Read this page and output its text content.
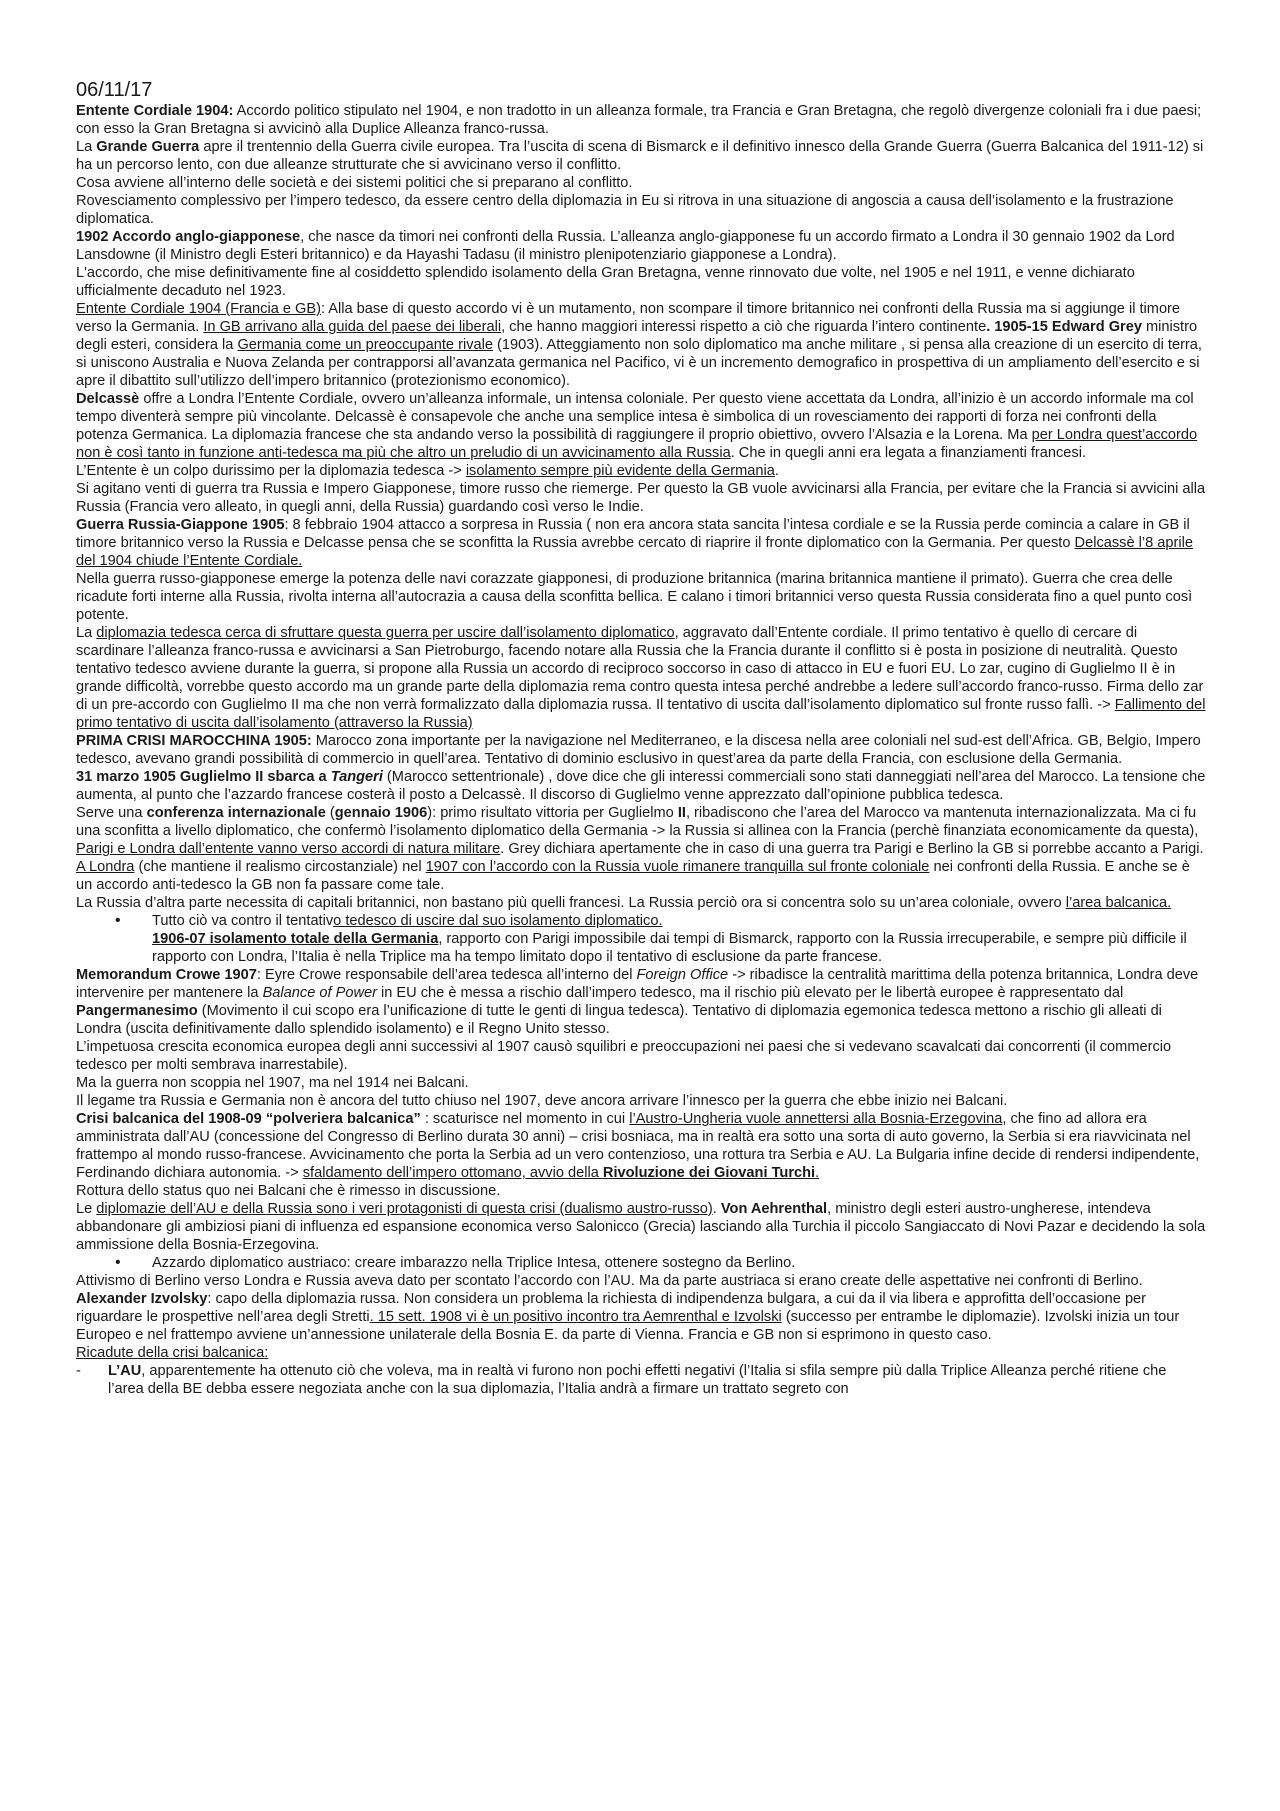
06/11/17

Entente Cordiale 1904: Accordo politico stipulato nel 1904, e non tradotto in un alleanza formale, tra Francia e Gran Bretagna, che regolò divergenze coloniali fra i due paesi; con esso la Gran Bretagna si avvicinò alla Duplice Alleanza franco-russa.

La Grande Guerra apre il trentennio della Guerra civile europea. Tra l’uscita di scena di Bismarck e il definitivo innesco della Grande Guerra (Guerra Balcanica del 1911-12) si ha un percorso lento, con due alleanze strutturate che si avvicinano verso il conflitto.

Cosa avviene all’interno delle società e dei sistemi politici che si preparano al conflitto.

Rovesciamento complessivo per l’impero tedesco, da essere centro della diplomazia in Eu si ritrova in una situazione di angoscia a causa dell’isolamento e la frustrazione diplomatica.

1902 Accordo anglo-giapponese, che nasce da timori nei confronti della Russia. L’alleanza anglo-giapponese fu un accordo firmato a Londra il 30 gennaio 1902 da Lord Lansdowne (il Ministro degli Esteri britannico) e da Hayashi Tadasu (il ministro plenipotenziario giapponese a Londra).

L'accordo, che mise definitivamente fine al cosiddetto splendido isolamento della Gran Bretagna, venne rinnovato due volte, nel 1905 e nel 1911, e venne dichiarato ufficialmente decaduto nel 1923.

Entente Cordiale 1904 (Francia e GB): Alla base di questo accordo vi è un mutamento, non scompare il timore britannico nei confronti della Russia ma si aggiunge il timore verso la Germania. In GB arrivano alla guida del paese dei liberali, che hanno maggiori interessi rispetto a ciò che riguarda l’intero continente. 1905-15 Edward Grey ministro degli esteri, considera la Germania come un preoccupante rivale (1903). Atteggiamento non solo diplomatico ma anche militare , si pensa alla creazione di un esercito di terra, si uniscono Australia e Nuova Zelanda per contrapporsi all’avanzata germanica nel Pacifico, vi è un incremento demografico in prospettiva di un ampliamento dell’esercito e si apre il dibattito sull’utilizzo dell’impero britannico (protezionismo economico).

Delcassè offre a Londra l’Entente Cordiale, ovvero un’alleanza informale, un intensa coloniale. Per questo viene accettata da Londra, all’inizio è un accordo informale ma col tempo diventerà sempre più vincolante. Delcassè è consapevole che anche una semplice intesa è simbolica di un rovesciamento dei rapporti di forza nei confronti della potenza Germanica. La diplomazia francese che sta andando verso la possibilità di raggiungere il proprio obiettivo, ovvero l’Alsazia e la Lorena. Ma per Londra quest’accordo non è così tanto in funzione anti-tedesca ma più che altro un preludio di un avvicinamento alla Russia. Che in quegli anni era legata a finanziamenti francesi.

L’Entente è un colpo durissimo per la diplomazia tedesca -> isolamento sempre più evidente della Germania.

Si agitano venti di guerra tra Russia e Impero Giapponese, timore russo che riemerge. Per questo la GB vuole avvicinarsi alla Francia, per evitare che la Francia si avvicini alla Russia (Francia vero alleato, in quegli anni, della Russia) guardando così verso le Indie.

Guerra Russia-Giappone 1905: 8 febbraio 1904 attacco a sorpresa in Russia ( non era ancora stata sancita l’intesa cordiale e se la Russia perde comincia a calare in GB il timore britannico verso la Russia e Delcasse pensa che se sconfitta la Russia avrebbe cercato di riaprire il fronte diplomatico con la Germania. Per questo Delcassè l’8 aprile del 1904 chiude l’Entente Cordiale.

Nella guerra russo-giapponese emerge la potenza delle navi corazzate giapponesi, di produzione britannica (marina britannica mantiene il primato). Guerra che crea delle ricadute forti interne alla Russia, rivolta interna all’autocrazia a causa della sconfitta bellica. E calano i timori britannici verso questa Russia considerata fino a quel punto così potente.

La diplomazia tedesca cerca di sfruttare questa guerra per uscire dall’isolamento diplomatico, aggravato dall’Entente cordiale. Il primo tentativo è quello di cercare di scardinare l’alleanza franco-russa e avvicinarsi a San Pietroburgo, facendo notare alla Russia che la Francia durante il conflitto si è posta in posizione di neutralità. Questo tentativo tedesco avviene durante la guerra, si propone alla Russia un accordo di reciproco soccorso in caso di attacco in EU e fuori EU. Lo zar, cugino di Guglielmo II è in grande difficoltà, vorrebbe questo accordo ma un grande parte della diplomazia rema contro questa intesa perché andrebbe a ledere sull’accordo franco-russo. Firma dello zar di un pre-accordo con Guglielmo II ma che non verrà formalizzato dalla diplomazia russa. Il tentativo di uscita dall’isolamento diplomatico sul fronte russo fallì. -> Fallimento del primo tentativo di uscita dall’isolamento (attraverso la Russia)

PRIMA CRISI MAROCCHINA 1905: Marocco zona importante per la navigazione nel Mediterraneo, e la discesa nella aree coloniali nel sud-est dell’Africa. GB, Belgio, Impero tedesco, avevano grandi possibilità di commercio in quell’area. Tentativo di dominio esclusivo in quest’area da parte della Francia, con esclusione della Germania.

31 marzo 1905 Guglielmo II sbarca a Tangeri (Marocco settentrionale) , dove dice che gli interessi commerciali sono stati danneggiati nell’area del Marocco. La tensione che aumenta, al punto che l’azzardo francese costerà il posto a Delcassè. Il discorso di Guglielmo venne apprezzato dall’opinione pubblica tedesca.

Serve una conferenza internazionale (gennaio 1906): primo risultato vittoria per Guglielmo II, ribadiscono che l’area del Marocco va mantenuta internazionalizzata. Ma ci fu una sconfitta a livello diplomatico, che confermò l’isolamento diplomatico della Germania -> la Russia si allinea con la Francia (perchè finanziata economicamente da questa), Parigi e Londra dall’entente vanno verso accordi di natura militare. Grey dichiara apertamente che in caso di una guerra tra Parigi e Berlino la GB si porrebbe accanto a Parigi.

A Londra (che mantiene il realismo circostanziale) nel 1907 con l’accordo con la Russia vuole rimanere tranquilla sul fronte coloniale nei confronti della Russia. E anche se è un accordo anti-tedesco la GB non fa passare come tale.

La Russia d’altra parte necessita di capitali britannici, non bastano più quelli francesi. La Russia perciò ora si concentra solo su un’area coloniale, ovvero l’area balcanica.

• Tutto ciò va contro il tentativo tedesco di uscire dal suo isolamento diplomatico.
1906-07 isolamento totale della Germania, rapporto con Parigi impossibile dai tempi di Bismarck, rapporto con la Russia irrecuperabile, e sempre più difficile il rapporto con Londra, l’Italia è nella Triplice ma ha tempo limitato dopo il tentativo di esclusione da parte francese.

Memorandum Crowe 1907: Eyre Crowe responsabile dell’area tedesca all’interno del Foreign Office -> ribadisce la centralità marittima della potenza britannica, Londra deve intervenire per mantenere la Balance of Power in EU che è messa a rischio dall’impero tedesco, ma il rischio più elevato per le libertà europee è rappresentato dal Pangermanesimo (Movimento il cui scopo era l’unificazione di tutte le genti di lingua tedesca). Tentativo di diplomazia egemonica tedesca mettono a rischio gli alleati di Londra (uscita definitivamente dallo splendido isolamento) e il Regno Unito stesso.

L’impetuosa crescita economica europea degli anni successivi al 1907 causò squilibri e preoccupazioni nei paesi che si vedevano scavalcati dai concorrenti (il commercio tedesco per molti sembrava inarrestabile).

Ma la guerra non scoppia nel 1907, ma nel 1914 nei Balcani.

Il legame tra Russia e Germania non è ancora del tutto chiuso nel 1907, deve ancora arrivare l’innesco per la guerra che ebbe inizio nei Balcani.

Crisi balcanica del 1908-09 “polveriera balcanica” : scaturisce nel momento in cui l’Austro-Ungheria vuole annettersi alla Bosnia-Erzegovina, che fino ad allora era amministrata dall’AU (concessione del Congresso di Berlino durata 30 anni) – crisi bosniaca, ma in realtà era sotto una sorta di auto governo, la Serbia si era riavvicinata nel frattempo al mondo russo-francese. Avvicinamento che porta la Serbia ad un vero contenzioso, una rottura tra Serbia e AU. La Bulgaria infine decide di rendersi indipendente, Ferdinando dichiara autonomia. -> sfaldamento dell’impero ottomano, avvio della Rivoluzione dei Giovani Turchi.

Rottura dello status quo nei Balcani che è rimesso in discussione.

Le diplomazie dell’AU e della Russia sono i veri protagonisti di questa crisi (dualismo austro-russo). Von Aehrenthal, ministro degli esteri austro-ungherese, intendeva abbandonare gli ambiziosi piani di influenza ed espansione economica verso Salonicco (Grecia) lasciando alla Turchia il piccolo Sangiaccato di Novi Pazar e decidendo la sola ammissione della Bosnia-Erzegovina.

• Azzardo diplomatico austriaco: creare imbarazzo nella Triplice Intesa, ottenere sostegno da Berlino.

Attivismo di Berlino verso Londra e Russia aveva dato per scontato l’accordo con l’AU. Ma da parte austriaca si erano create delle aspettative nei confronti di Berlino.

Alexander Izvolsky: capo della diplomazia russa. Non considera un problema la richiesta di indipendenza bulgara, a cui da il via libera e approfitta dell’occasione per riguardare le prospettive nell’area degli Stretti. 15 sett. 1908 vi è un positivo incontro tra Aemrenthal e Izvolski (successo per entrambe le diplomazie). Izvolski inizia un tour Europeo e nel frattempo avviene un’annessione unilaterale della Bosnia E. da parte di Vienna. Francia e GB non si esprimono in questo caso.

Ricadute della crisi balcanica:

- L’AU, apparentemente ha ottenuto ciò che voleva, ma in realtà vi furono non pochi effetti negativi (l’Italia si sfila sempre più dalla Triplice Alleanza perché ritiene che l’area della BE debba essere negoziata anche con la sua diplomazia, l’Italia andrà a firmare un trattato segreto con
